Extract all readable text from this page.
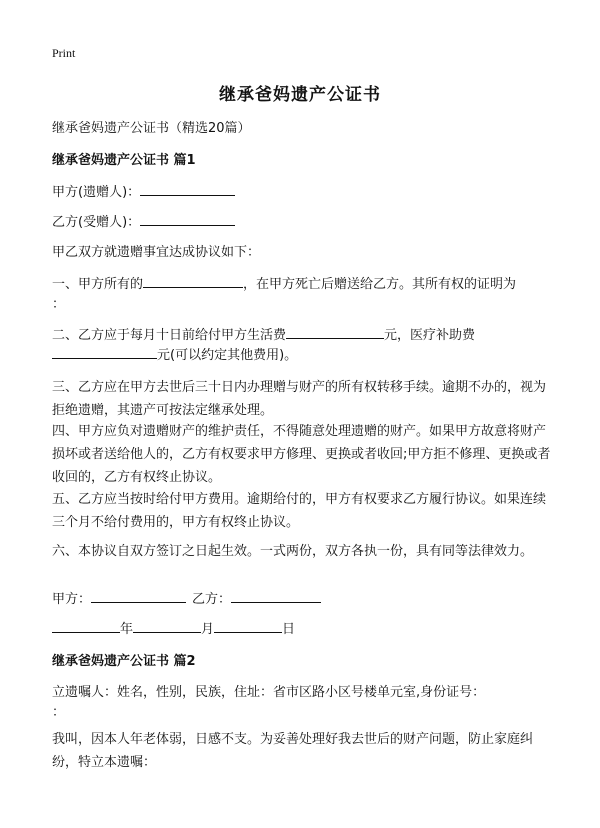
Print
继承爸妈遗产公证书
继承爸妈遗产公证书（精选20篇）
继承爸妈遗产公证书 篇1
甲方(遗赠人)：
乙方(受赠人)：
甲乙双方就遗赠事宜达成协议如下：
一、甲方所有的	，在甲方死亡后赠送给乙方。其所有权的证明为
：
二、乙方应于每月十日前给付甲方生活费	元，医疗补助费
元(可以约定其他费用)。
三、乙方应在甲方去世后三十日内办理赠与财产的所有权转移手续。逾期不办的，视为拒绝遗赠，其遗产可按法定继承处理。
四、甲方应负对遗赠财产的维护责任，不得随意处理遗赠的财产。如果甲方故意将财产损坏或者送给他人的，乙方有权要求甲方修理、更换或者收回;甲方拒不修理、更换或者收回的，乙方有权终止协议。
五、乙方应当按时给付甲方费用。逾期给付的，甲方有权要求乙方履行协议。如果连续三个月不给付费用的，甲方有权终止协议。
六、本协议自双方签订之日起生效。一式两份，双方各执一份，具有同等法律效力。
甲方：	乙方：
年	月	日
继承爸妈遗产公证书 篇2
立遗嘱人：姓名，性别，民族，住址：省市区路小区号楼单元室,身份证号：
：
我叫，因本人年老体弱，日感不支。为妥善处理好我去世后的财产问题，防止家庭纠纷，特立本遗嘱：
